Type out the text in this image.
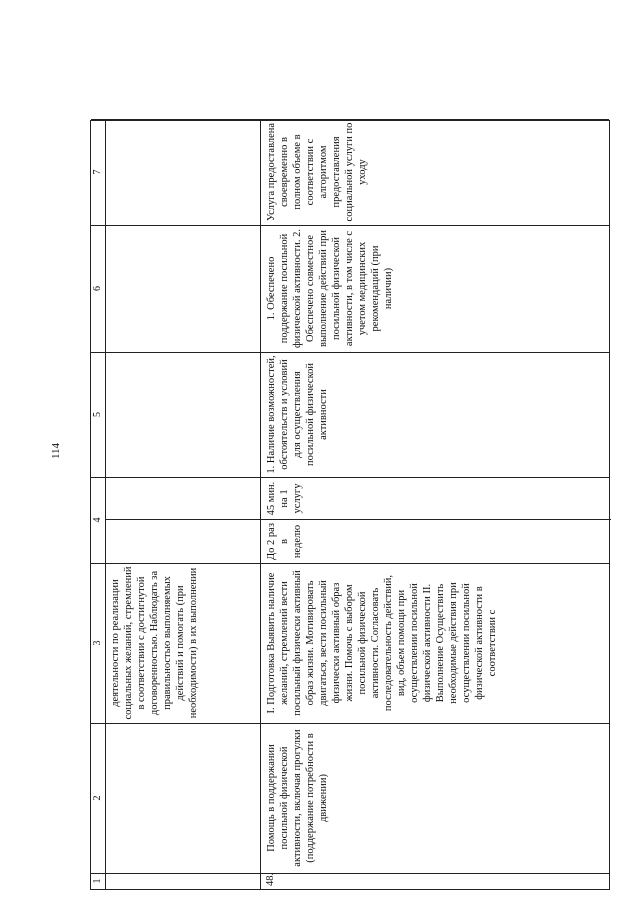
114
1
2
3
4
5
6
7
деятельности по реализации социальных желаний, стремлений в соответствии с достигнутой договоренностью. Наблюдать за правильностью выполняемых действий и помогать (при необходимости) в их выполнении
48.
Помощь в поддержании посильной физической активности, включая прогулки (поддержание потребности в движении)
I. Подготовка Выявить наличие желаний, стремлений вести посильный физически активный образ жизни. Мотивировать двигаться, вести посильный физически активный образ жизни. Помочь с выбором посильной физической активности. Согласовать последовательность действий, вид, объем помощи при осуществлении посильной физической активности II. Выполнение Осуществить необходимые действия при осуществлении посильной физической активности в соответствии с
До 2 раз в неделю
45 мин. на 1 услугу
1. Наличие возможностей, обстоятельств и условий для осуществления посильной физической активности
1. Обеспечено поддержание посильной физической активности. 2. Обеспечено совместное выполнение действий при посильной физической активности, в том числе с учетом медицинских рекомендаций (при наличии)
Услуга предоставлена своевременно в полном объеме в соответствии с алгоритмом предоставления социальной услуги по уходу
